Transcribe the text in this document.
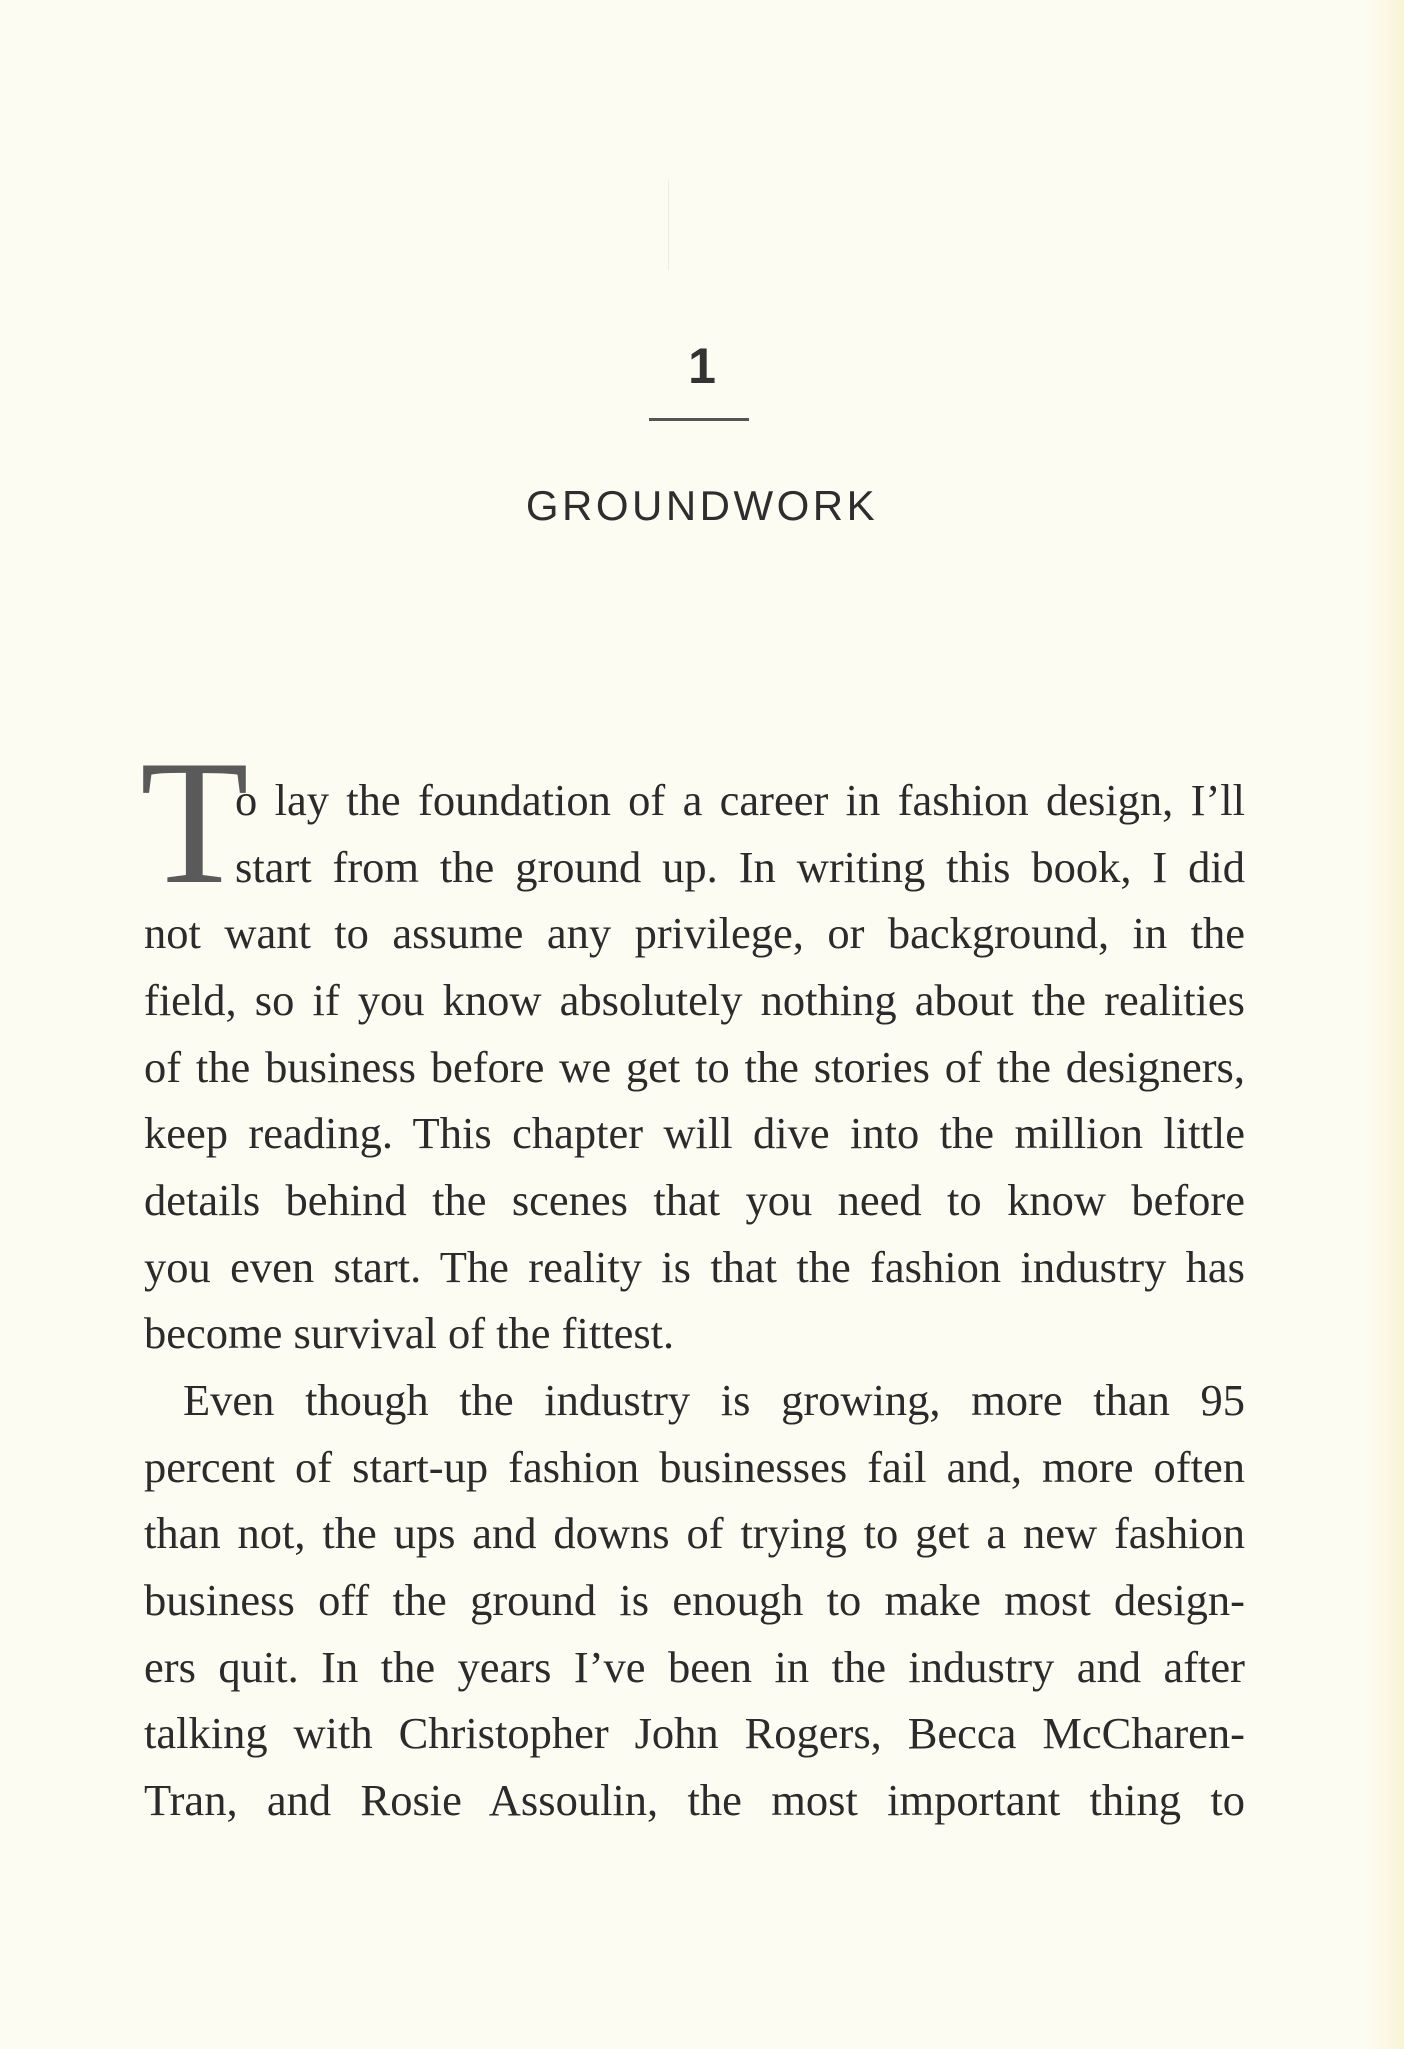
1
GROUNDWORK
T
o lay the foundation of a career in fashion design, I’ll
start from the ground up. In writing this book, I did
not want to assume any privilege, or background, in the
field, so if you know absolutely nothing about the realities
of the business before we get to the stories of the designers,
keep reading. This chapter will dive into the million little
details behind the scenes that you need to know before
you even start. The reality is that the fashion industry has
become survival of the fittest.
Even though the industry is growing, more than 95
percent of start-up fashion businesses fail and, more often
than not, the ups and downs of trying to get a new fashion
business off the ground is enough to make most design-
ers quit. In the years I’ve been in the industry and after
talking with Christopher John Rogers, Becca McCharen-
Tran, and Rosie Assoulin, the most important thing to
